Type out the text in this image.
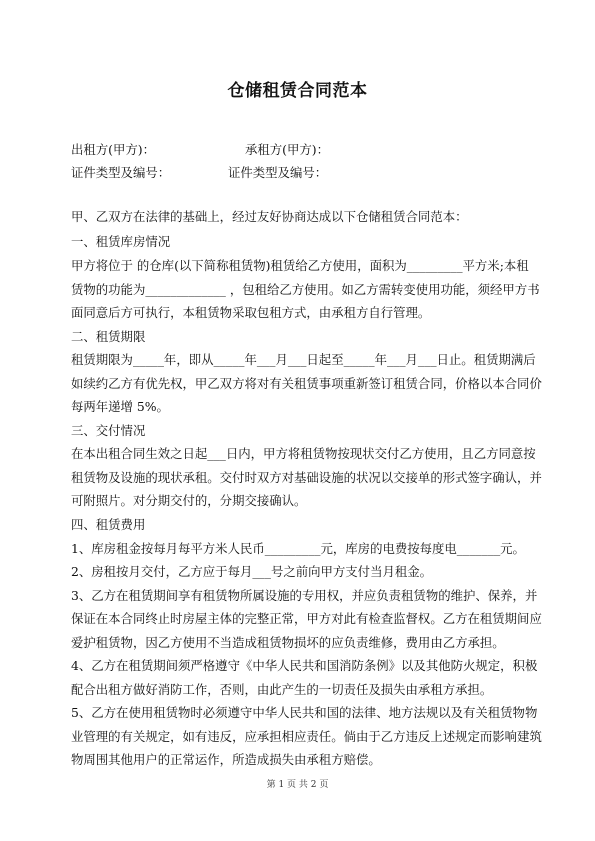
仓储租赁合同范本
出租方(甲方)：	承租方(甲方)：
证件类型及编号：	证件类型及编号：
甲、乙双方在法律的基础上，经过友好协商达成以下仓储租赁合同范本：
一、租赁库房情况
甲方将位于 的仓库(以下简称租赁物)租赁给乙方使用，面积为_________平方米;本租
赁物的功能为_____________ ，包租给乙方使用。如乙方需转变使用功能，须经甲方书
面同意后方可执行，本租赁物采取包租方式，由承租方自行管理。
二、租赁期限
租赁期限为_____年，即从_____年___月___日起至_____年___月___日止。租赁期满后
如续约乙方有优先权，甲乙双方将对有关租赁事项重新签订租赁合同，价格以本合同价
每两年递增 5%。
三、交付情况
在本出租合同生效之日起___日内，甲方将租赁物按现状交付乙方使用，且乙方同意按
租赁物及设施的现状承租。交付时双方对基础设施的状况以交接单的形式签字确认，并
可附照片。对分期交付的，分期交接确认。
四、租赁费用
1、库房租金按每月每平方米人民币_________元，库房的电费按每度电_______元。
2、房租按月交付，乙方应于每月___号之前向甲方支付当月租金。
3、乙方在租赁期间享有租赁物所属设施的专用权，并应负责租赁物的维护、保养，并
保证在本合同终止时房屋主体的完整正常，甲方对此有检查监督权。乙方在租赁期间应
爱护租赁物，因乙方使用不当造成租赁物损坏的应负责维修，费用由乙方承担。
4、乙方在租赁期间须严格遵守《中华人民共和国消防条例》以及其他防火规定，积极
配合出租方做好消防工作，否则，由此产生的一切责任及损失由承租方承担。
5、乙方在使用租赁物时必须遵守中华人民共和国的法律、地方法规以及有关租赁物物
业管理的有关规定，如有违反，应承担相应责任。倘由于乙方违反上述规定而影响建筑
物周围其他用户的正常运作，所造成损失由承租方赔偿。
第 1 页 共 2 页
